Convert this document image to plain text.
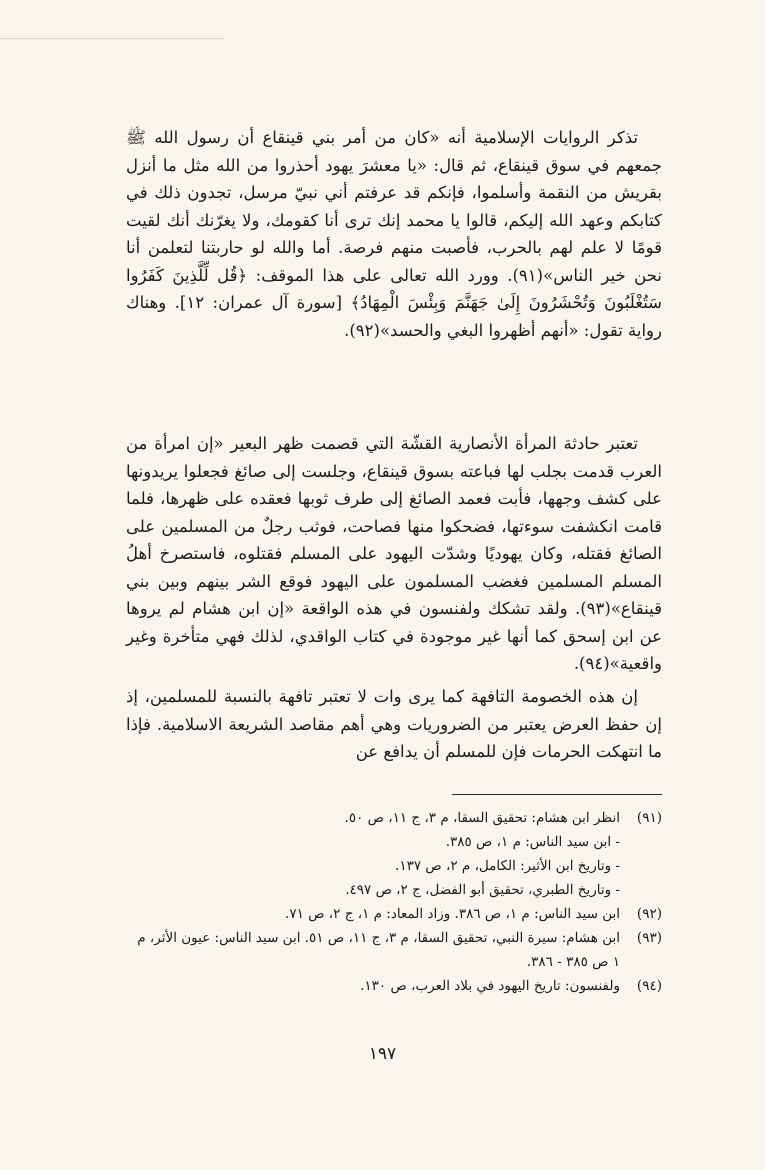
تذكر الروايات الإسلامية أنه «كان من أمر بني قينقاع أن رسول الله ﷺ جمعهم في سوق قينقاع، ثم قال: «يا معشرَ يهود أحذروا من الله مثل ما أنزل بقريش من النقمة وأسلموا، فإنكم قد عرفتم أني نبيّ مرسل، تجدون ذلك في كتابكم وعهد الله إليكم، قالوا يا محمد إنك ترى أنا كقومك، ولا يغرّنك أنك لقيت قومًا لا علم لهم بالحرب، فأصبت منهم فرصة. أما والله لو حاربتنا لتعلمن أنا نحن خير الناس»(٩١). وورد الله تعالى على هذا الموقف: ﴿قُل لِّلَّذِينَ كَفَرُوا سَتُغْلَبُونَ وَتُحْشَرُونَ إِلَىٰ جَهَنَّمَ وَبِئْسَ الْمِهَادُ﴾ [سورة آل عمران: ١٢]. وهناك رواية تقول: «أنهم أظهروا البغي والحسد»(٩٢).

تعتبر حادثة المرأة الأنصارية القشّة التي قصمت ظهر البعير «إن امرأة من العرب قدمت بجلب لها فباعته بسوق قينقاع، وجلست إلى صائغ فجعلوا يريدونها على كشف وجهها، فأبت فعمد الصائغ إلى طرف ثوبها فعقده على ظهرها، فلما قامت انكشفت سوءتها، فضحكوا منها فصاحت، فوثب رجلٌ من المسلمين على الصائغ فقتله، وكان يهوديًا وشدّت اليهود على المسلم فقتلوه، فاستصرخ أهلُ المسلم المسلمين فغضب المسلمون على اليهود فوقع الشر بينهم وبين بني قينقاع»(٩٣). ولقد تشكك ولفنسون في هذه الواقعة «إن ابن هشام لم يروها عن ابن إسحق كما أنها غير موجودة في كتاب الواقدي، لذلك فهي متأخرة وغير واقعية»(٩٤).

إن هذه الخصومة التافهة كما يرى وات لا تعتبر تافهة بالنسبة للمسلمين، إذ إن حفظ العرض يعتبر من الضروريات وهي أهم مقاصد الشريعة الاسلامية. فإذا ما انتهكت الحرمات فإن للمسلم أن يدافع عن

(٩١)
انظر ابن هشام: تحقيق السقا، م ٣، ج ١١، ص ٥٠.
- ابن سيد الناس: م ١، ص ٣٨٥.
- وتاريخ ابن الأثير: الكامل، م ٢، ص ١٣٧.
- وتاريخ الطبري، تحقيق أبو الفضل، ج ٢، ص ٤٩٧.
(٩٢)
ابن سيد الناس: م ١، ص ٣٨٦. وزاد المعاد: م ١، ج ٢، ص ٧١.
(٩٣)
ابن هشام: سيرة النبي، تحقيق السقا، م ٣، ج ١١، ص ٥١. ابن سيد الناس: عيون الأثر، م ١ ص ٣٨٥ - ٣٨٦.
(٩٤)
ولفنسون: تاريخ اليهود في بلاد العرب، ص ١٣٠.
١٩٧
